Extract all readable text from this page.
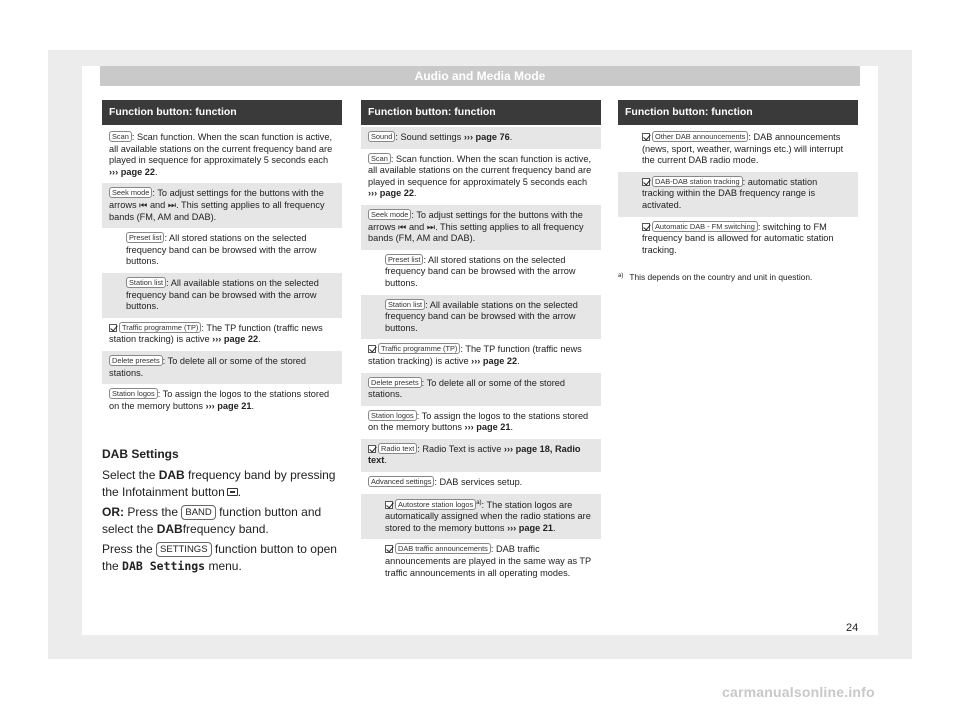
Audio and Media Mode
Function button: function
Scan : Scan function. When the scan function is active, all available stations on the current frequency band are played in sequence for approximately 5 seconds each ››› page 22.
Seek mode : To adjust settings for the buttons with the arrows ⏮ and ⏭. This setting applies to all frequency bands (FM, AM and DAB).
Preset list : All stored stations on the selected frequency band can be browsed with the arrow buttons.
Station list : All available stations on the selected frequency band can be browsed with the arrow buttons.
Traffic programme (TP) : The TP function (traffic news station tracking) is active ››› page 22.
Delete presets : To delete all or some of the stored stations.
Station logos : To assign the logos to the stations stored on the memory buttons ››› page 21.
DAB Settings

Select the DAB frequency band by pressing the Infotainment button .

OR: Press the BAND function button and select the DABfrequency band.

Press the SETTINGS function button to open the DAB Settings menu.

Function button: function
Sound : Sound settings ››› page 76.
Scan : Scan function. When the scan function is active, all available stations on the current frequency band are played in sequence for approximately 5 seconds each ››› page 22.
Seek mode : To adjust settings for the buttons with the arrows ⏮ and ⏭. This setting applies to all frequency bands (FM, AM and DAB).
Preset list : All stored stations on the selected frequency band can be browsed with the arrow buttons.
Station list : All available stations on the selected frequency band can be browsed with the arrow buttons.
Traffic programme (TP) : The TP function (traffic news station tracking) is active ››› page 22.
Delete presets : To delete all or some of the stored stations.
Station logos : To assign the logos to the stations stored on the memory buttons ››› page 21.
Radio text : Radio Text is active ››› page 18, Radio text.
Advanced settings : DAB services setup.
Autostore station logos $^{a)}$: The station logos are automatically assigned when the radio stations are stored to the memory buttons ››› page 21.
DAB traffic announcements : DAB traffic announcements are played in the same way as TP traffic announcements in all operating modes.
Function button: function
Other DAB announcements : DAB announcements (news, sport, weather, warnings etc.) will interrupt the current DAB radio mode.
DAB-DAB station tracking : automatic station tracking within the DAB frequency range is activated.
Automatic DAB - FM switching : switching to FM frequency band is allowed for automatic station tracking.
$^{a)}$ This depends on the country and unit in question.
24
carmanualsonline.info
